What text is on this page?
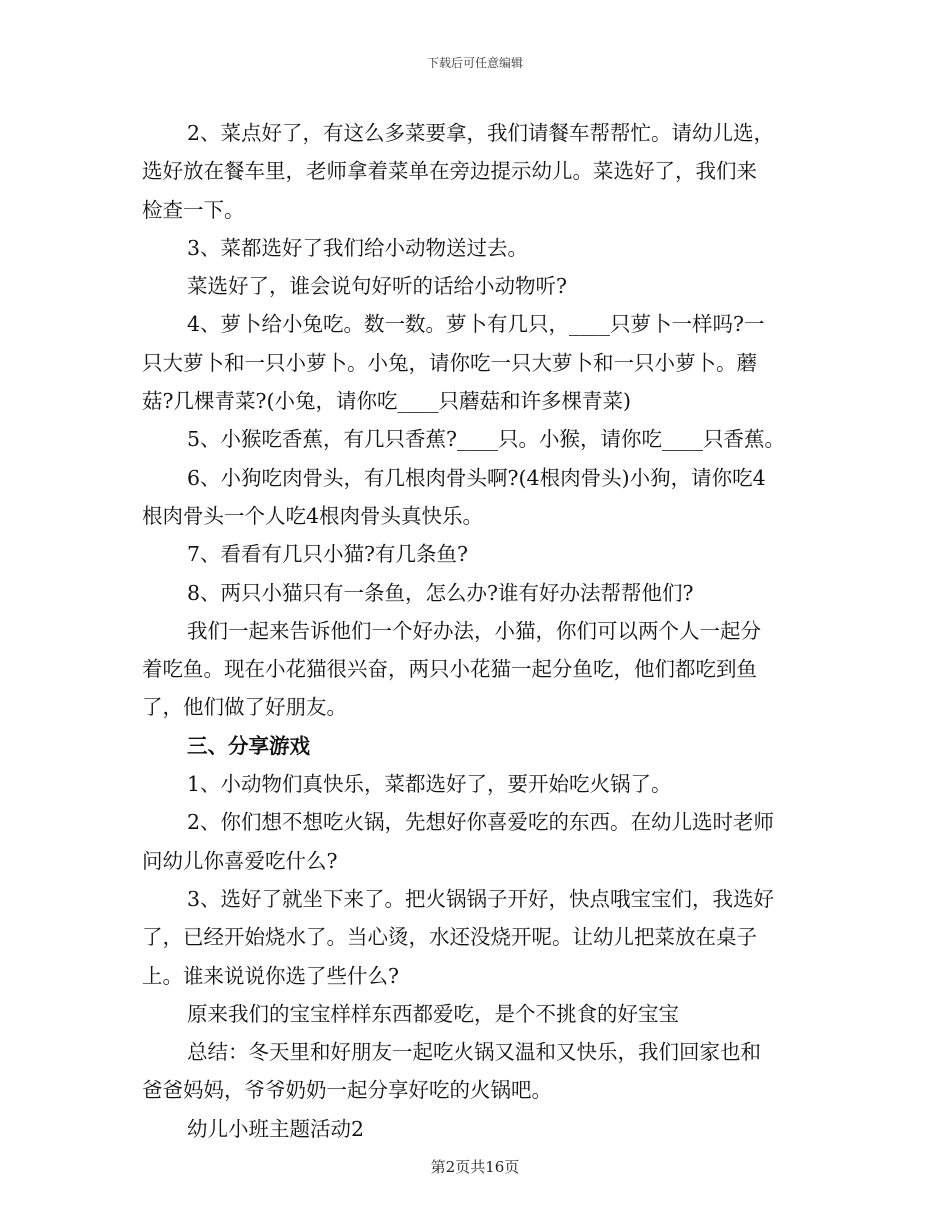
下载后可任意编辑
2、菜点好了，有这么多菜要拿，我们请餐车帮帮忙。请幼儿选，
选好放在餐车里，老师拿着菜单在旁边提示幼儿。菜选好了，我们来
检查一下。
3、菜都选好了我们给小动物送过去。
菜选好了，谁会说句好听的话给小动物听?
4、萝卜给小兔吃。数一数。萝卜有几只，____只萝卜一样吗?一
只大萝卜和一只小萝卜。小兔，请你吃一只大萝卜和一只小萝卜。蘑
菇?几棵青菜?(小兔，请你吃____只蘑菇和许多棵青菜)
5、小猴吃香蕉，有几只香蕉?____只。小猴，请你吃____只香蕉。
6、小狗吃肉骨头，有几根肉骨头啊?(4根肉骨头)小狗，请你吃4
根肉骨头一个人吃4根肉骨头真快乐。
7、看看有几只小猫?有几条鱼?
8、两只小猫只有一条鱼，怎么办?谁有好办法帮帮他们?
我们一起来告诉他们一个好办法，小猫，你们可以两个人一起分
着吃鱼。现在小花猫很兴奋，两只小花猫一起分鱼吃，他们都吃到鱼
了，他们做了好朋友。
三、分享游戏
1、小动物们真快乐，菜都选好了，要开始吃火锅了。
2、你们想不想吃火锅，先想好你喜爱吃的东西。在幼儿选时老师
问幼儿你喜爱吃什么?
3、选好了就坐下来了。把火锅锅子开好，快点哦宝宝们，我选好
了，已经开始烧水了。当心烫，水还没烧开呢。让幼儿把菜放在桌子
上。谁来说说你选了些什么?
原来我们的宝宝样样东西都爱吃，是个不挑食的好宝宝
总结：冬天里和好朋友一起吃火锅又温和又快乐，我们回家也和
爸爸妈妈，爷爷奶奶一起分享好吃的火锅吧。
幼儿小班主题活动2
第2页共16页
